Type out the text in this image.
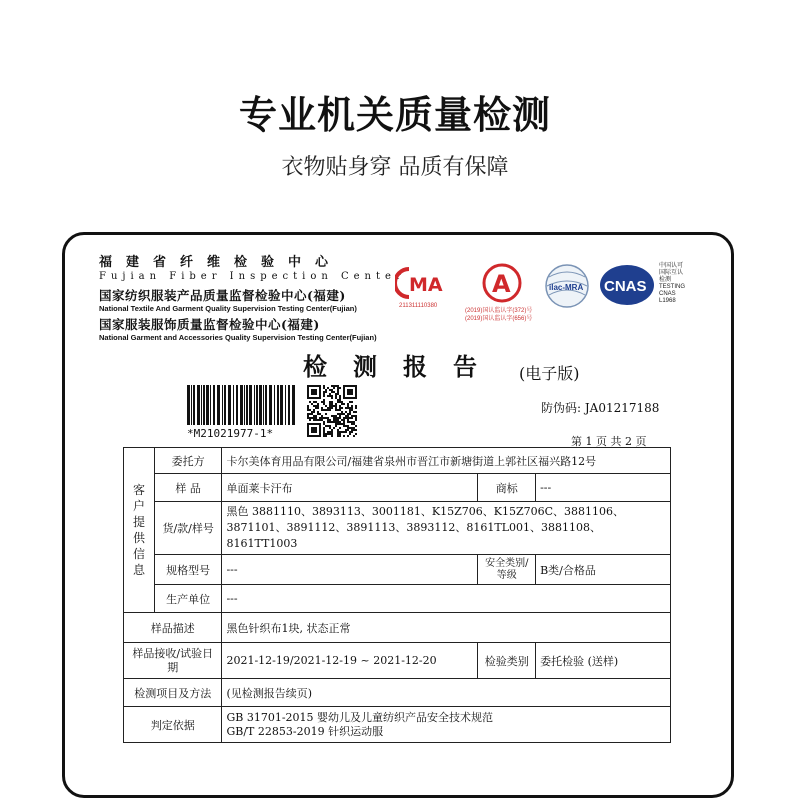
专业机关质量检测
衣物贴身穿 品质有保障
福建省纤维检验中心
Fujian Fiber Inspection Center
国家纺织服装产品质量监督检验中心(福建)
National Textile And Garment Quality Supervision Testing Center(Fujian)
国家服装服饰质量监督检验中心(福建)
National Garment and Accessories Quality Supervision Testing Center(Fujian)
MA
211311110380
A
(2019)国认监认字(372)号
(2019)国认监认字(656)号
ilac-MRA CNAS
中国认可
国际互认
检测
TESTING
CNAS L1968
检测报告 (电子版)
*M21021977-1*
防伪码: JA01217188
第 1 页 共 2 页
客户提供信息	委托方	卡尔美体育用品有限公司/福建省泉州市晋江市新塘街道上郭社区福兴路12号		
	样 品	单面莱卡汗布	商标	---
	货/款/样号	黑色 3881110、3893113、3001181、K15Z706、K15Z706C、3881106、3871101、3891112、3891113、3893112、8161TL001、3881108、8161TT1003		
	规格型号	---	安全类别/等级	B类/合格品
	生产单位	---		

样品描述		黑色针织布1块, 状态正常		
样品接收/试验日期		2021-12-19/2021-12-19 ~ 2021-12-20	检验类别	委托检验 (送样)
检测项目及方法		(见检测报告续页)		
判定依据		GB 31701-2015 婴幼儿及儿童纺织产品安全技术规范
GB/T 22853-2019 针织运动服		
